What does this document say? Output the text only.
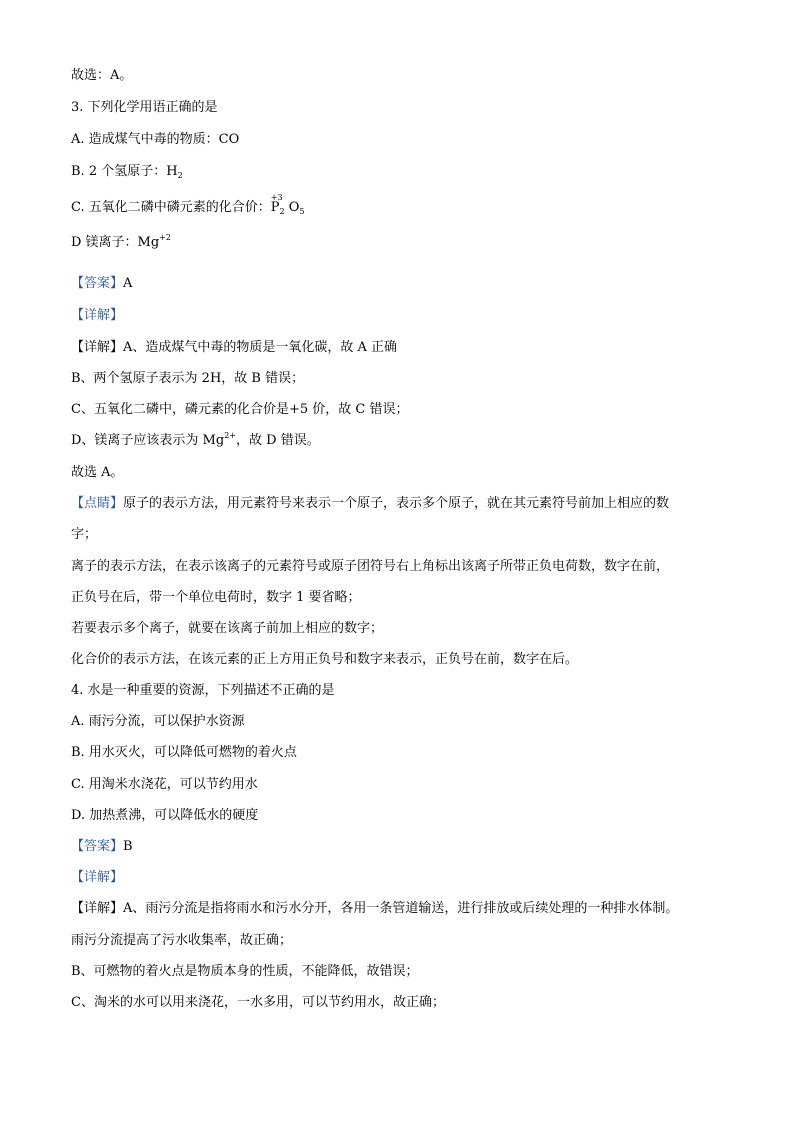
故选：A。
3. 下列化学用语正确的是
A. 造成煤气中毒的物质：CO
B. 2 个氢原子：$H_2$
C. 五氧化二磷中磷元素的化合价：
+3
$P_2$ $O_5$
D 镁离子：$Mg^{+2}$
【答案】A
【详解】
【详解】A、造成煤气中毒的物质是一氧化碳，故 A 正确
B、两个氢原子表示为 2H，故 B 错误；
C、五氧化二磷中，磷元素的化合价是+5 价，故 C 错误；
D、镁离子应该表示为 $Mg^{2+}$，故 D 错误。
故选 A。
【点睛】原子的表示方法，用元素符号来表示一个原子，表示多个原子，就在其元素符号前加上相应的数
字；
离子的表示方法，在表示该离子的元素符号或原子团符号右上角标出该离子所带正负电荷数，数字在前，
正负号在后，带一个单位电荷时，数字 1 要省略；
若要表示多个离子，就要在该离子前加上相应的数字；
化合价的表示方法，在该元素的正上方用正负号和数字来表示，正负号在前，数字在后。
4. 水是一种重要的资源，下列描述不正确的是
A. 雨污分流，可以保护水资源
B. 用水灭火，可以降低可燃物的着火点
C. 用淘米水浇花，可以节约用水
D. 加热煮沸，可以降低水的硬度
【答案】B
【详解】
【详解】A、雨污分流是指将雨水和污水分开，各用一条管道输送，进行排放或后续处理的一种排水体制。
雨污分流提高了污水收集率，故正确；
B、可燃物的着火点是物质本身的性质，不能降低，故错误；
C、淘米的水可以用来浇花，一水多用，可以节约用水，故正确；
